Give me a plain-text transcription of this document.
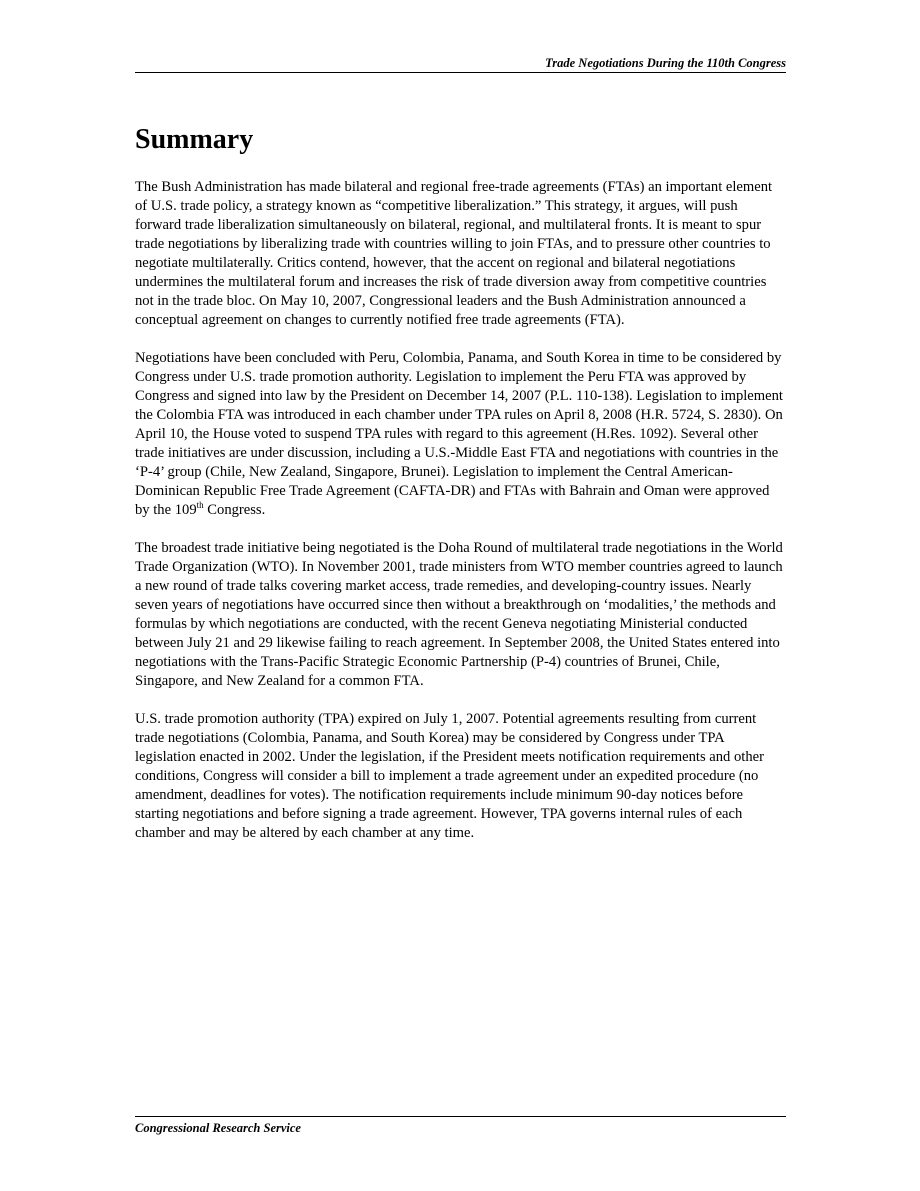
Trade Negotiations During the 110th Congress
Summary

The Bush Administration has made bilateral and regional free-trade agreements (FTAs) an important element of U.S. trade policy, a strategy known as “competitive liberalization.” This strategy, it argues, will push forward trade liberalization simultaneously on bilateral, regional, and multilateral fronts. It is meant to spur trade negotiations by liberalizing trade with countries willing to join FTAs, and to pressure other countries to negotiate multilaterally. Critics contend, however, that the accent on regional and bilateral negotiations undermines the multilateral forum and increases the risk of trade diversion away from competitive countries not in the trade bloc. On May 10, 2007, Congressional leaders and the Bush Administration announced a conceptual agreement on changes to currently notified free trade agreements (FTA).

Negotiations have been concluded with Peru, Colombia, Panama, and South Korea in time to be considered by Congress under U.S. trade promotion authority. Legislation to implement the Peru FTA was approved by Congress and signed into law by the President on December 14, 2007 (P.L. 110-138). Legislation to implement the Colombia FTA was introduced in each chamber under TPA rules on April 8, 2008 (H.R. 5724, S. 2830). On April 10, the House voted to suspend TPA rules with regard to this agreement (H.Res. 1092). Several other trade initiatives are under discussion, including a U.S.-Middle East FTA and negotiations with countries in the ‘P-4’ group (Chile, New Zealand, Singapore, Brunei). Legislation to implement the Central American-Dominican Republic Free Trade Agreement (CAFTA-DR) and FTAs with Bahrain and Oman were approved by the 109th Congress.

The broadest trade initiative being negotiated is the Doha Round of multilateral trade negotiations in the World Trade Organization (WTO). In November 2001, trade ministers from WTO member countries agreed to launch a new round of trade talks covering market access, trade remedies, and developing-country issues. Nearly seven years of negotiations have occurred since then without a breakthrough on ‘modalities,’ the methods and formulas by which negotiations are conducted, with the recent Geneva negotiating Ministerial conducted between July 21 and 29 likewise failing to reach agreement. In September 2008, the United States entered into negotiations with the Trans-Pacific Strategic Economic Partnership (P-4) countries of Brunei, Chile, Singapore, and New Zealand for a common FTA.

U.S. trade promotion authority (TPA) expired on July 1, 2007. Potential agreements resulting from current trade negotiations (Colombia, Panama, and South Korea) may be considered by Congress under TPA legislation enacted in 2002. Under the legislation, if the President meets notification requirements and other conditions, Congress will consider a bill to implement a trade agreement under an expedited procedure (no amendment, deadlines for votes). The notification requirements include minimum 90-day notices before starting negotiations and before signing a trade agreement. However, TPA governs internal rules of each chamber and may be altered by each chamber at any time.

Congressional Research Service
